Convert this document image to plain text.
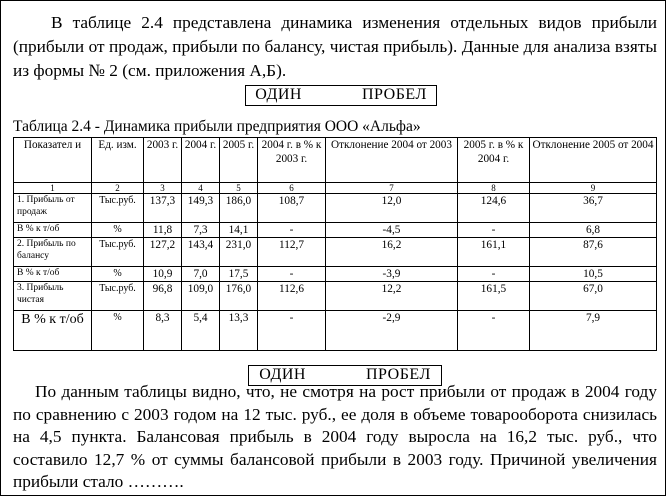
В таблице 2.4 представлена динамика изменения отдельных видов прибыли (прибыли от продаж, прибыли по балансу, чистая прибыль). Данные для анализа взяты из формы № 2 (см. приложения А,Б).
ОДИН	ПРОБЕЛ
Таблица 2.4 - Динамика прибыли предприятия ООО «Альфа»
Показател и	Ед. изм.	2003 г.	2004 г.	2005 г.	2004 г. в % к 2003 г.	Отклонение 2004 от 2003	2005 г. в % к 2004 г.	Отклонение 2005 от 2004
1	2	3	4	5	6	7	8	9
1. Прибыль от продаж	Тыс.руб.	137,3	149,3	186,0	108,7	12,0	124,6	36,7
В % к т/об	%	11,8	7,3	14,1	-	-4,5	-	6,8
2. Прибыль по балансу	Тыс.руб.	127,2	143,4	231,0	112,7	16,2	161,1	87,6
В % к т/об	%	10,9	7,0	17,5	-	-3,9	-	10,5
3. Прибыль чистая	Тыс.руб.	96,8	109,0	176,0	112,6	12,2	161,5	67,0
В % к т/об	%	8,3	5,4	13,3	-	-2,9	-	7,9
ОДИН	ПРОБЕЛ
По данным таблицы видно, что, не смотря на рост прибыли от продаж в 2004 году по сравнению с 2003 годом на 12 тыс. руб., ее доля в объеме товарооборота снизилась на 4,5 пункта. Балансовая прибыль в 2004 году выросла на 16,2 тыс. руб., что составило 12,7 % от суммы балансовой прибыли в 2003 году. Причиной увеличения прибыли стало ……….
